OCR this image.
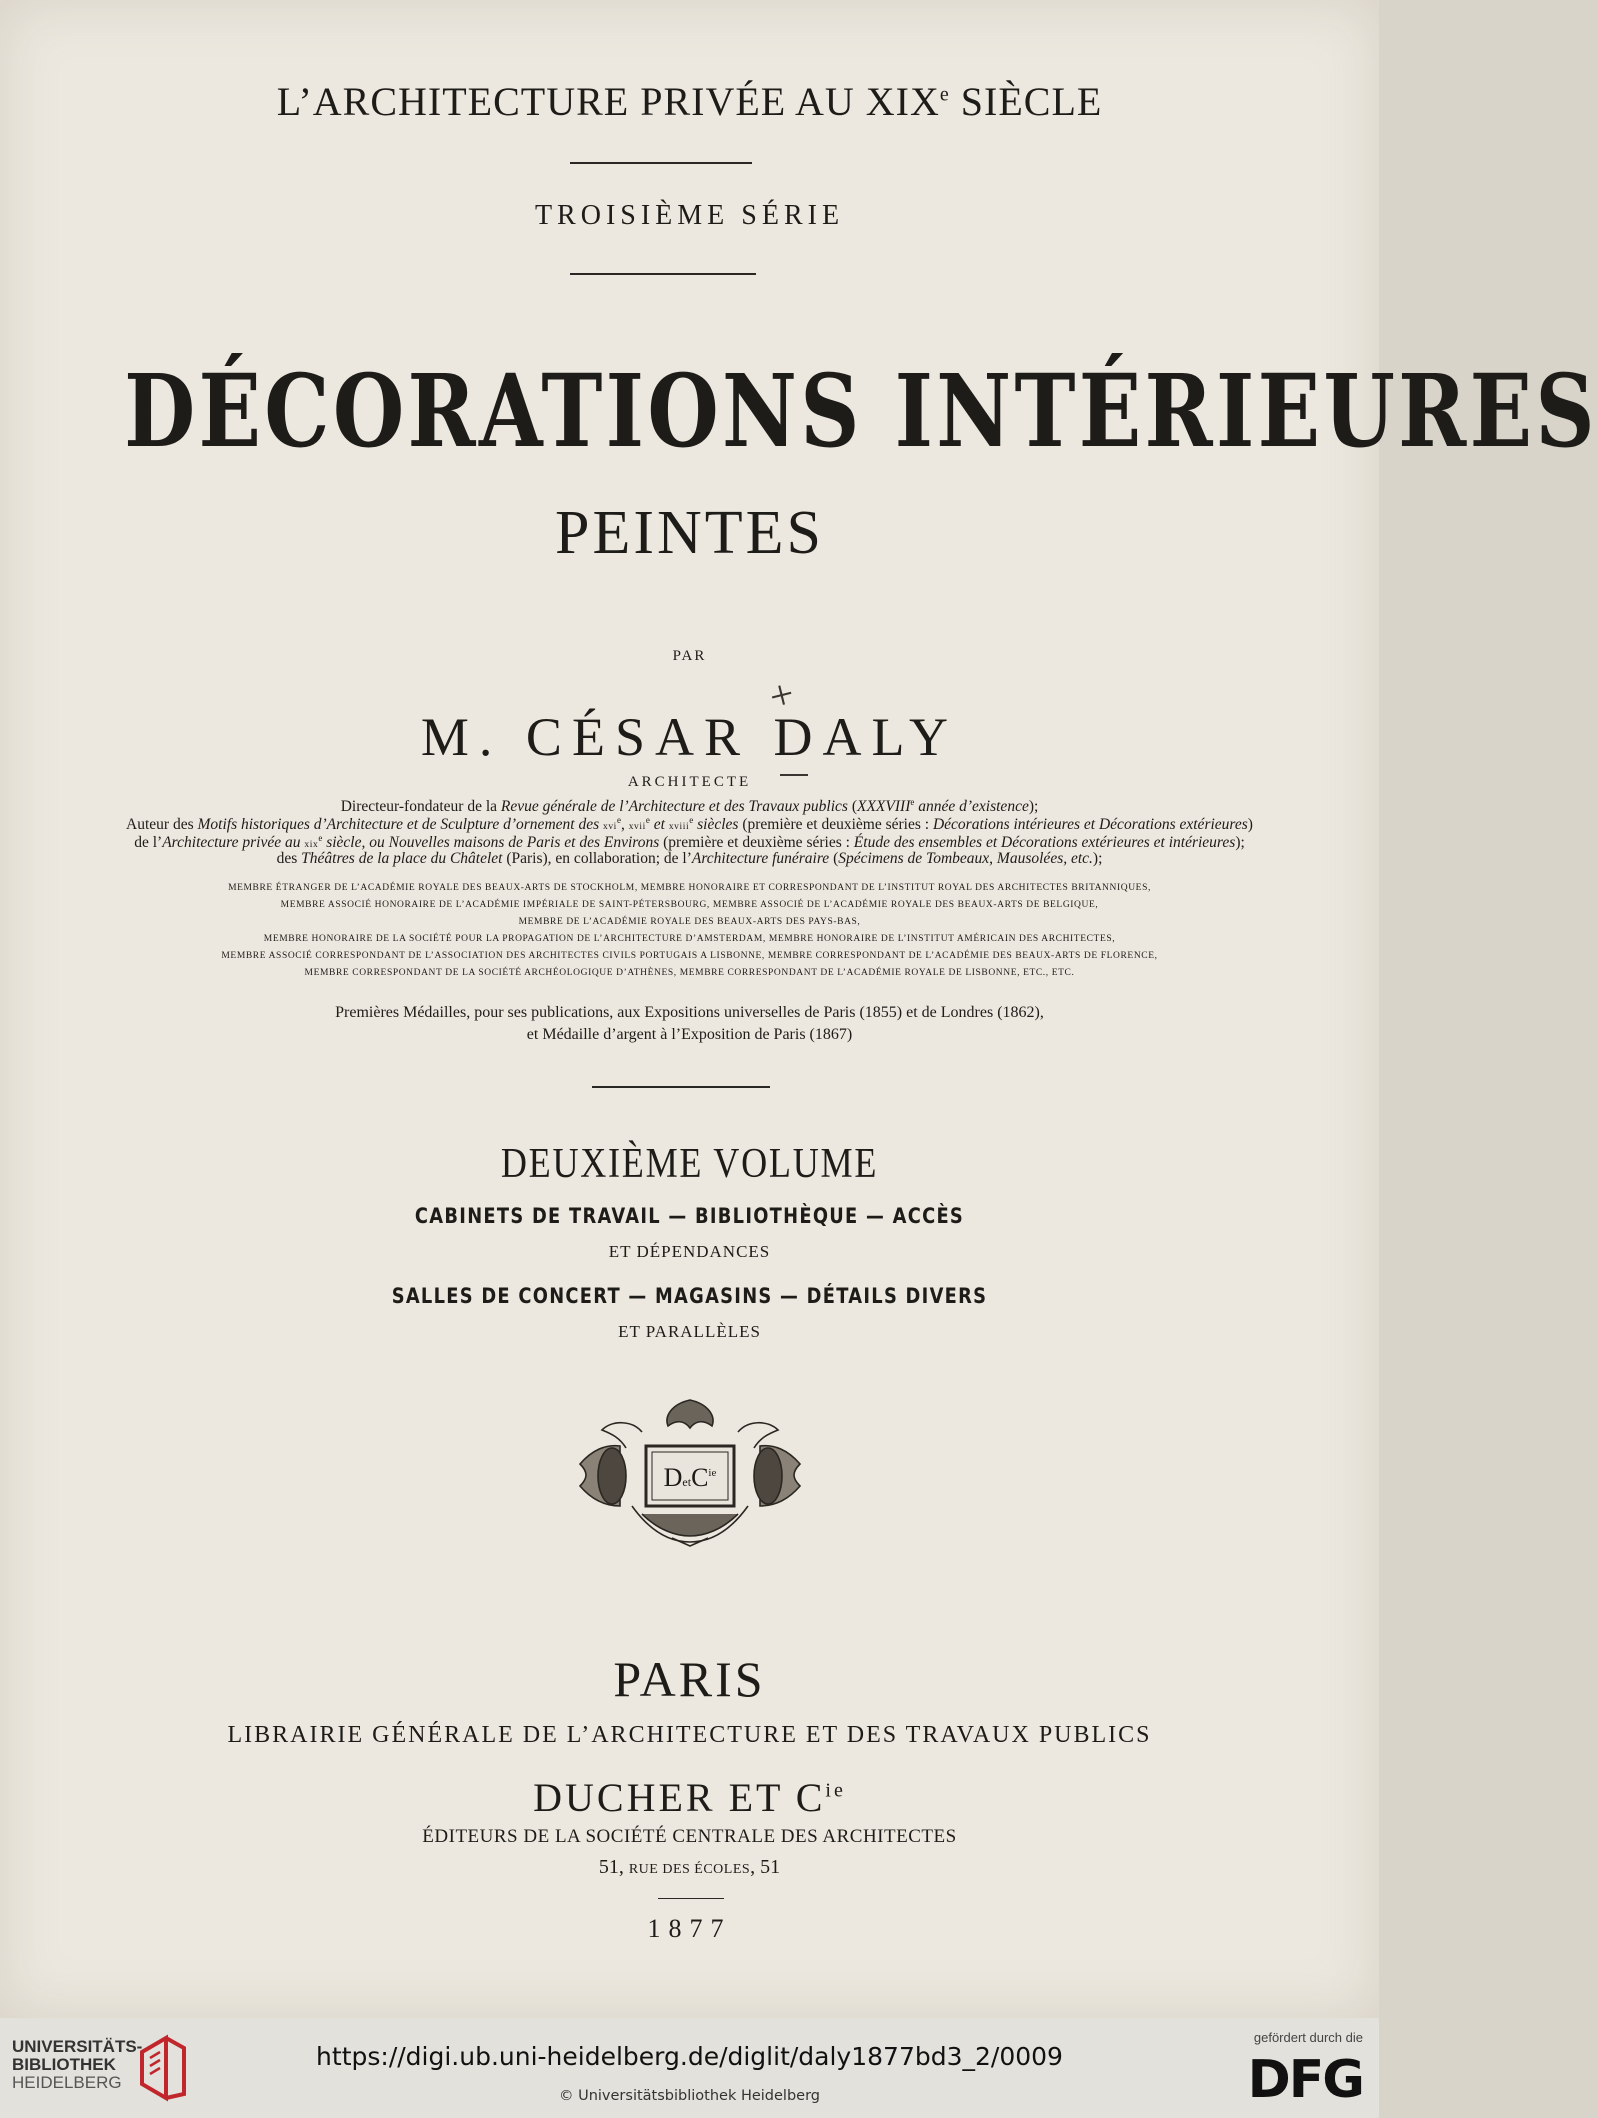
L’ARCHITECTURE PRIVÉE AU XIXe SIÈCLE
TROISIÈME SÉRIE
DÉCORATIONS INTÉRIEURES
PEINTES
PAR
M. CÉSAR DALY
+
ARCHITECTE
Directeur-fondateur de la Revue générale de l’Architecture et des Travaux publics (XXXVIIIe année d’existence);
Auteur des Motifs historiques d’Architecture et de Sculpture d’ornement des xvi$^e$, xvii$^e$ et xviii$^e$ siècles (première et deuxième séries : Décorations intérieures et Décorations extérieures)
de l’Architecture privée au xix$^e$ siècle, ou Nouvelles maisons de Paris et des Environs (première et deuxième séries : Étude des ensembles et Décorations extérieures et intérieures);
des Théâtres de la place du Châtelet (Paris), en collaboration; de l’Architecture funéraire (Spécimens de Tombeaux, Mausolées, etc.);
MEMBRE ÉTRANGER DE L’ACADÉMIE ROYALE DES BEAUX-ARTS DE STOCKHOLM, MEMBRE HONORAIRE ET CORRESPONDANT DE L’INSTITUT ROYAL DES ARCHITECTES BRITANNIQUES,
MEMBRE ASSOCIÉ HONORAIRE DE L’ACADÉMIE IMPÉRIALE DE SAINT-PÉTERSBOURG, MEMBRE ASSOCIÉ DE L’ACADÉMIE ROYALE DES BEAUX-ARTS DE BELGIQUE,
MEMBRE DE L’ACADÉMIE ROYALE DES BEAUX-ARTS DES PAYS-BAS,
MEMBRE HONORAIRE DE LA SOCIÉTÉ POUR LA PROPAGATION DE L’ARCHITECTURE D’AMSTERDAM, MEMBRE HONORAIRE DE L’INSTITUT AMÉRICAIN DES ARCHITECTES,
MEMBRE ASSOCIÉ CORRESPONDANT DE L’ASSOCIATION DES ARCHITECTES CIVILS PORTUGAIS A LISBONNE, MEMBRE CORRESPONDANT DE L’ACADÉMIE DES BEAUX-ARTS DE FLORENCE,
MEMBRE CORRESPONDANT DE LA SOCIÉTÉ ARCHÉOLOGIQUE D’ATHÈNES, MEMBRE CORRESPONDANT DE L’ACADÉMIE ROYALE DE LISBONNE, ETC., ETC.
Premières Médailles, pour ses publications, aux Expositions universelles de Paris (1855) et de Londres (1862),
et Médaille d’argent à l’Exposition de Paris (1867)
DEUXIÈME VOLUME
CABINETS DE TRAVAIL — BIBLIOTHÈQUE — ACCÈS
ET DÉPENDANCES
SALLES DE CONCERT — MAGASINS — DÉTAILS DIVERS
ET PARALLÈLES
DetC$^{ie}$
PARIS
LIBRAIRIE GÉNÉRALE DE L’ARCHITECTURE ET DES TRAVAUX PUBLICS
DUCHER ET $C^{ie}$
ÉDITEURS DE LA SOCIÉTÉ CENTRALE DES ARCHITECTES
51, RUE DES ÉCOLES, 51
1877
UNIVERSITÄTS-
BIBLIOTHEK
HEIDELBERG
https://digi.ub.uni-heidelberg.de/diglit/daly1877bd3_2/0009
© Universitätsbibliothek Heidelberg
gefördert durch die
DFG
